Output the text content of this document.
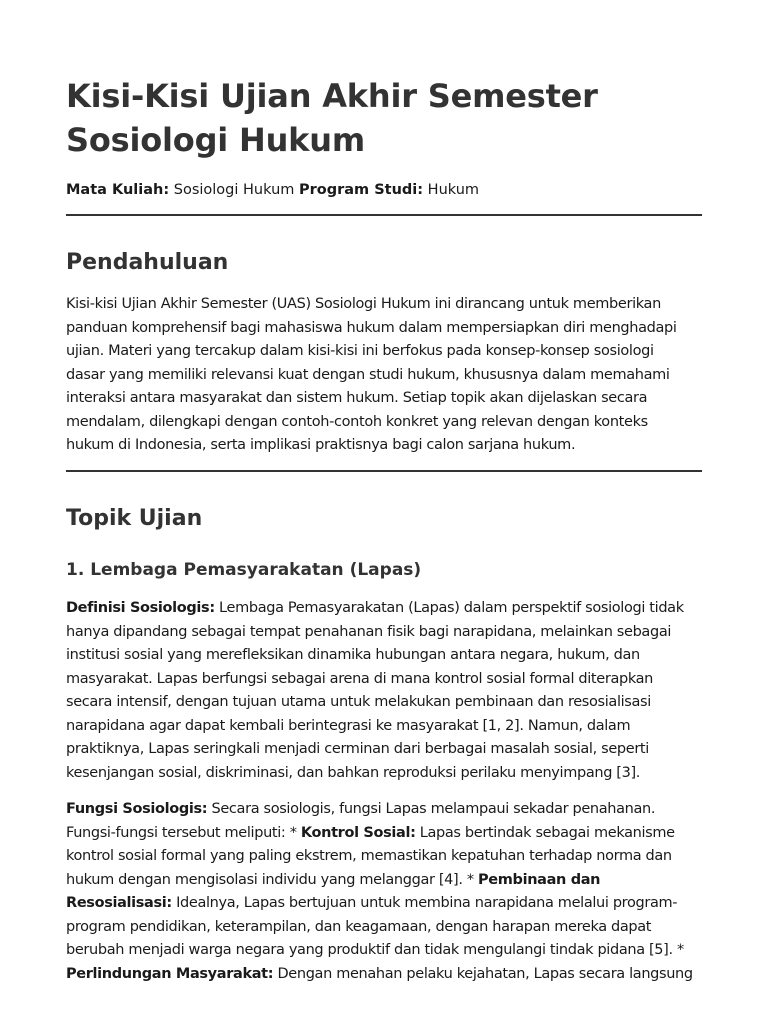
Kisi-Kisi Ujian Akhir Semester Sosiologi Hukum

Mata Kuliah: Sosiologi Hukum Program Studi: Hukum

Pendahuluan

Kisi-kisi Ujian Akhir Semester (UAS) Sosiologi Hukum ini dirancang untuk memberikan
panduan komprehensif bagi mahasiswa hukum dalam mempersiapkan diri menghadapi
ujian. Materi yang tercakup dalam kisi-kisi ini berfokus pada konsep-konsep sosiologi
dasar yang memiliki relevansi kuat dengan studi hukum, khususnya dalam memahami
interaksi antara masyarakat dan sistem hukum. Setiap topik akan dijelaskan secara
mendalam, dilengkapi dengan contoh-contoh konkret yang relevan dengan konteks
hukum di Indonesia, serta implikasi praktisnya bagi calon sarjana hukum.

Topik Ujian
1. Lembaga Pemasyarakatan (Lapas)

Definisi Sosiologis: Lembaga Pemasyarakatan (Lapas) dalam perspektif sosiologi tidak
hanya dipandang sebagai tempat penahanan fisik bagi narapidana, melainkan sebagai
institusi sosial yang merefleksikan dinamika hubungan antara negara, hukum, dan
masyarakat. Lapas berfungsi sebagai arena di mana kontrol sosial formal diterapkan
secara intensif, dengan tujuan utama untuk melakukan pembinaan dan resosialisasi
narapidana agar dapat kembali berintegrasi ke masyarakat [1, 2]. Namun, dalam
praktiknya, Lapas seringkali menjadi cerminan dari berbagai masalah sosial, seperti
kesenjangan sosial, diskriminasi, dan bahkan reproduksi perilaku menyimpang [3].

Fungsi Sosiologis: Secara sosiologis, fungsi Lapas melampaui sekadar penahanan.
Fungsi-fungsi tersebut meliputi: * Kontrol Sosial: Lapas bertindak sebagai mekanisme
kontrol sosial formal yang paling ekstrem, memastikan kepatuhan terhadap norma dan
hukum dengan mengisolasi individu yang melanggar [4]. * Pembinaan dan
Resosialisasi: Idealnya, Lapas bertujuan untuk membina narapidana melalui program-
program pendidikan, keterampilan, dan keagamaan, dengan harapan mereka dapat
berubah menjadi warga negara yang produktif dan tidak mengulangi tindak pidana [5]. *
Perlindungan Masyarakat: Dengan menahan pelaku kejahatan, Lapas secara langsung
